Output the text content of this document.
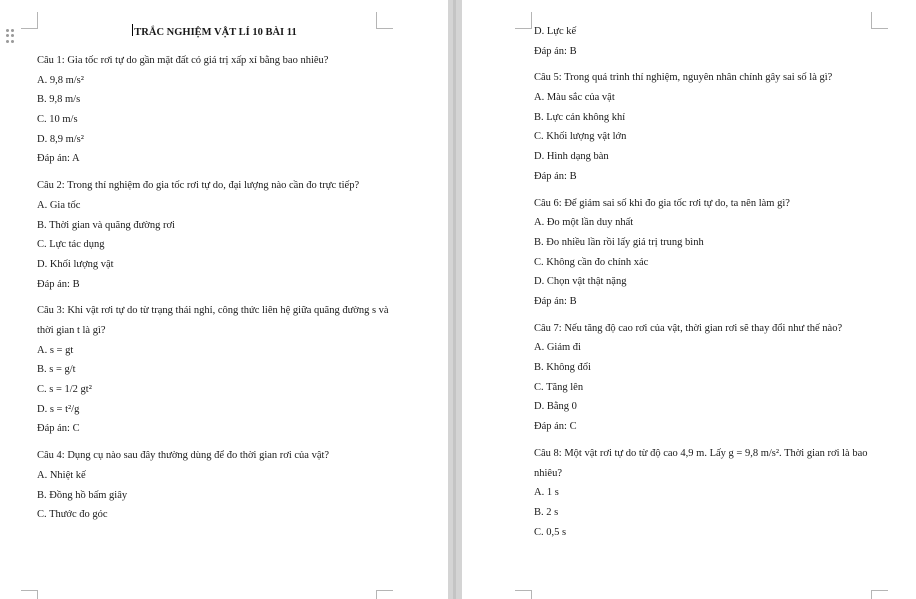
TRẮC NGHIỆM VẬT LÍ 10 BÀI 11
Câu 1: Gia tốc rơi tự do gần mặt đất có giá trị xấp xỉ bằng bao nhiêu?
A. 9,8 m/s²
B. 9,8 m/s
C. 10 m/s
D. 8,9 m/s²
Đáp án: A
Câu 2: Trong thí nghiệm đo gia tốc rơi tự do, đại lượng nào cần đo trực tiếp?
A. Gia tốc
B. Thời gian và quãng đường rơi
C. Lực tác dụng
D. Khối lượng vật
Đáp án: B
Câu 3: Khi vật rơi tự do từ trạng thái nghỉ, công thức liên hệ giữa quãng đường s và thời gian t là gì?
A. s = gt
B. s = g/t
C. s = 1/2 gt²
D. s = t²/g
Đáp án: C
Câu 4: Dụng cụ nào sau đây thường dùng để đo thời gian rơi của vật?
A. Nhiệt kế
B. Đồng hồ bấm giây
C. Thước đo góc
D. Lực kế
Đáp án: B
Câu 5: Trong quá trình thí nghiệm, nguyên nhân chính gây sai số là gì?
A. Màu sắc của vật
B. Lực cản không khí
C. Khối lượng vật lớn
D. Hình dạng bàn
Đáp án: B
Câu 6: Để giảm sai số khi đo gia tốc rơi tự do, ta nên làm gì?
A. Đo một lần duy nhất
B. Đo nhiều lần rồi lấy giá trị trung bình
C. Không cần đo chính xác
D. Chọn vật thật nặng
Đáp án: B
Câu 7: Nếu tăng độ cao rơi của vật, thời gian rơi sẽ thay đổi như thế nào?
A. Giảm đi
B. Không đổi
C. Tăng lên
D. Bằng 0
Đáp án: C
Câu 8: Một vật rơi tự do từ độ cao 4,9 m. Lấy g = 9,8 m/s². Thời gian rơi là bao nhiêu?
A. 1 s
B. 2 s
C. 0,5 s
